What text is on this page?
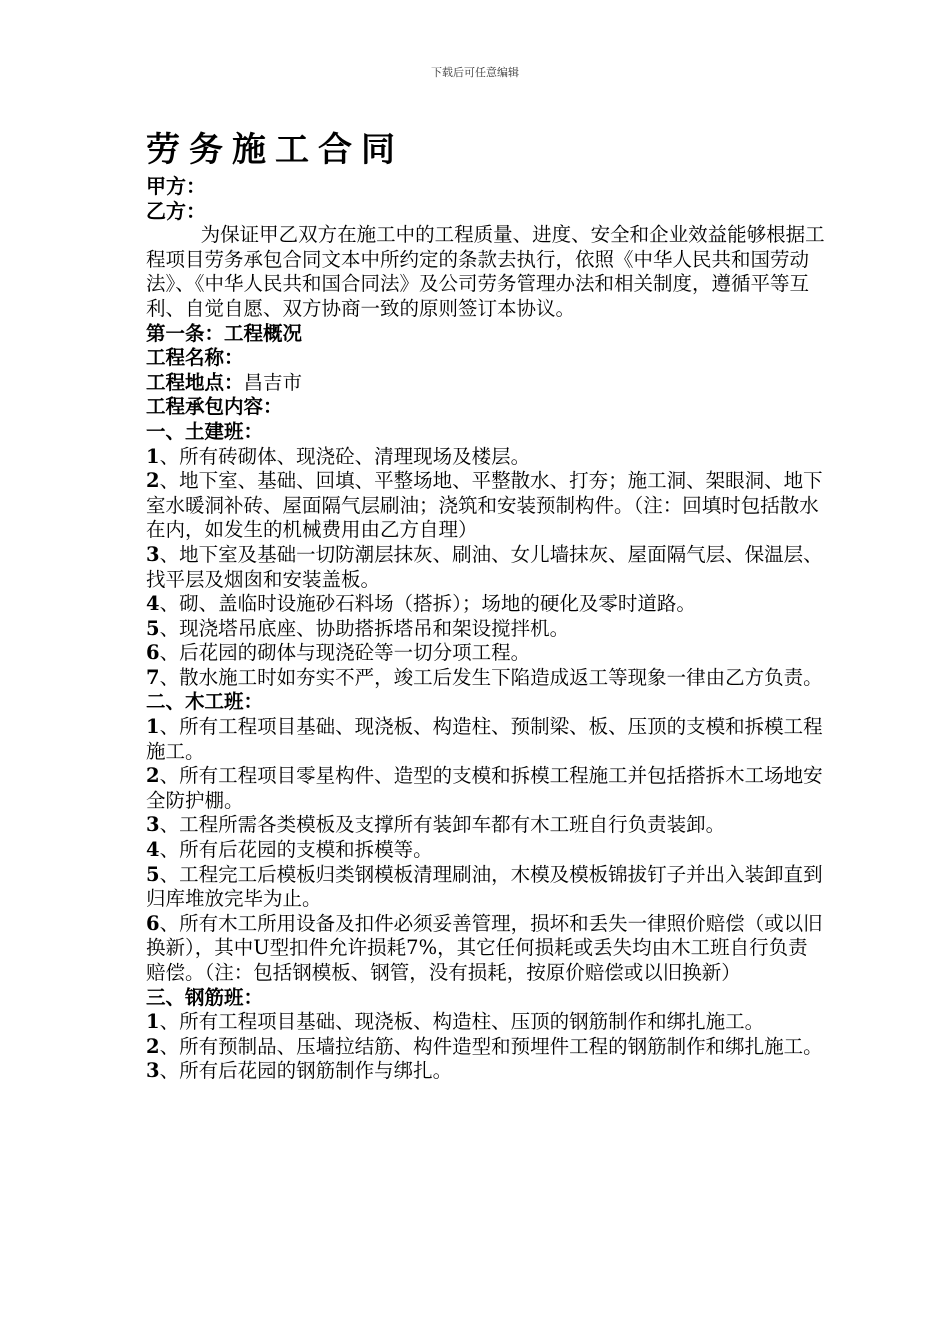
下载后可任意编辑
劳务施工合同

甲方：

乙方：

为保证甲乙双方在施工中的工程质量、进度、安全和企业效益能够根据工程项目劳务承包合同文本中所约定的条款去执行，依照《中华人民共和国劳动法》、《中华人民共和国合同法》及公司劳务管理办法和相关制度，遵循平等互利、自觉自愿、双方协商一致的原则签订本协议。

第一条：工程概况

工程名称：

工程地点：昌吉市

工程承包内容：

一、土建班：

1、所有砖砌体、现浇砼、清理现场及楼层。

2、地下室、基础、回填、平整场地、平整散水、打夯；施工洞、架眼洞、地下室水暖洞补砖、屋面隔气层刷油；浇筑和安装预制构件。（注：回填时包括散水在内，如发生的机械费用由乙方自理）

3、地下室及基础一切防潮层抹灰、刷油、女儿墙抹灰、屋面隔气层、保温层、找平层及烟囱和安装盖板。

4、砌、盖临时设施砂石料场（搭拆）；场地的硬化及零时道路。

5、现浇塔吊底座、协助搭拆塔吊和架设搅拌机。

6、后花园的砌体与现浇砼等一切分项工程。

7、散水施工时如夯实不严，竣工后发生下陷造成返工等现象一律由乙方负责。

二、木工班：

1、所有工程项目基础、现浇板、构造柱、预制梁、板、压顶的支模和拆模工程施工。

2、所有工程项目零星构件、造型的支模和拆模工程施工并包括搭拆木工场地安全防护棚。

3、工程所需各类模板及支撑所有装卸车都有木工班自行负责装卸。

4、所有后花园的支模和拆模等。

5、工程完工后模板归类钢模板清理刷油，木模及模板锦拔钉子并出入装卸直到归库堆放完毕为止。

6、所有木工所用设备及扣件必须妥善管理，损坏和丢失一律照价赔偿（或以旧换新），其中U型扣件允许损耗7%，其它任何损耗或丢失均由木工班自行负责赔偿。（注：包括钢模板、钢管，没有损耗，按原价赔偿或以旧换新）

三、钢筋班：

1、所有工程项目基础、现浇板、构造柱、压顶的钢筋制作和绑扎施工。

2、所有预制品、压墙拉结筋、构件造型和预埋件工程的钢筋制作和绑扎施工。

3、所有后花园的钢筋制作与绑扎。
